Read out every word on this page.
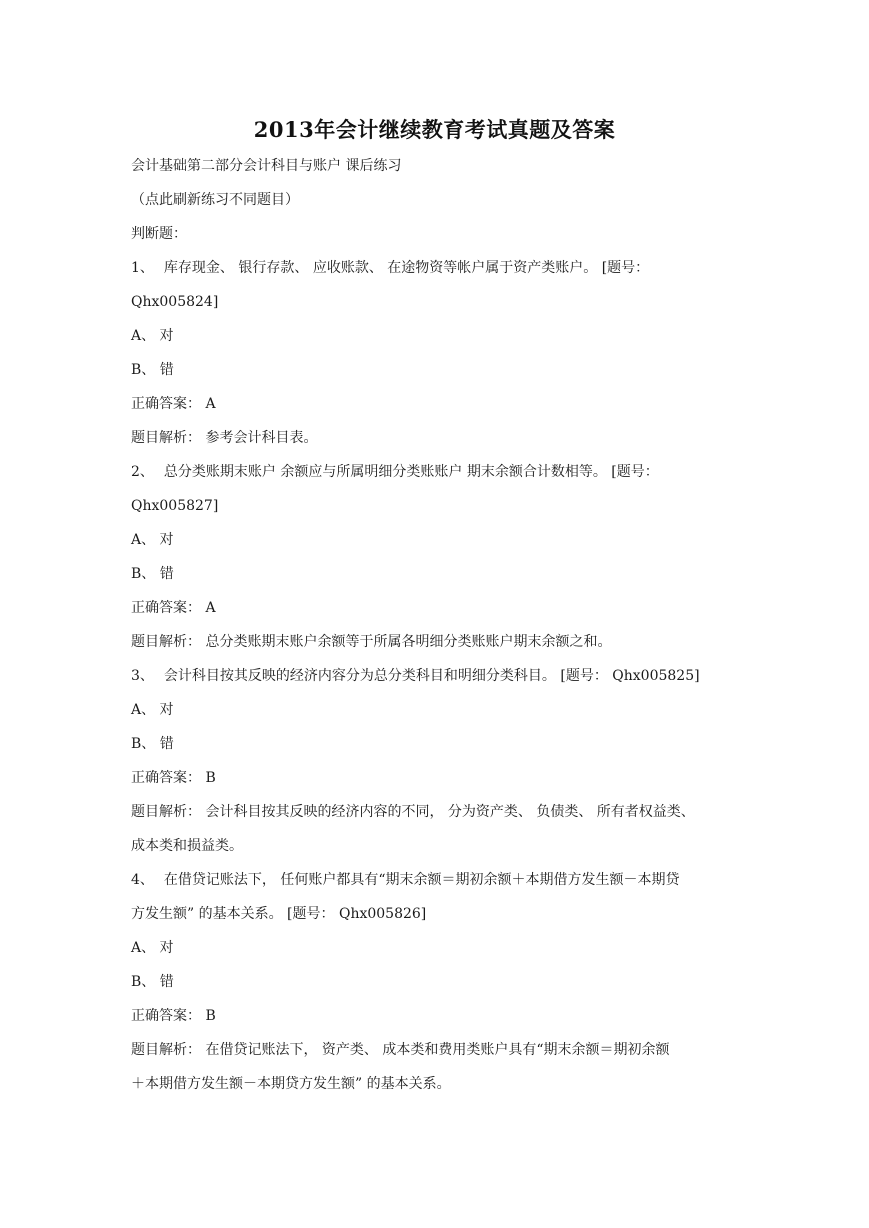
2013年会计继续教育考试真题及答案
会计基础第二部分会计科目与账户 课后练习
（点此刷新练习不同题目）
判断题：
1、 库存现金、 银行存款、 应收账款、 在途物资等帐户属于资产类账户。 [题号：
Qhx005824]
A、 对
B、 错
正确答案： A
题目解析： 参考会计科目表。
2、 总分类账期末账户 余额应与所属明细分类账账户 期末余额合计数相等。 [题号：
Qhx005827]
A、 对
B、 错
正确答案： A
题目解析： 总分类账期末账户余额等于所属各明细分类账账户期末余额之和。
3、 会计科目按其反映的经济内容分为总分类科目和明细分类科目。 [题号： Qhx005825]
A、 对
B、 错
正确答案： B
题目解析： 会计科目按其反映的经济内容的不同， 分为资产类、 负债类、 所有者权益类、
成本类和损益类。
4、 在借贷记账法下， 任何账户都具有“期末余额＝期初余额＋本期借方发生额－本期贷
方发生额” 的基本关系。 [题号： Qhx005826]
A、 对
B、 错
正确答案： B
题目解析： 在借贷记账法下， 资产类、 成本类和费用类账户具有“期末余额＝期初余额
＋本期借方发生额－本期贷方发生额” 的基本关系。
